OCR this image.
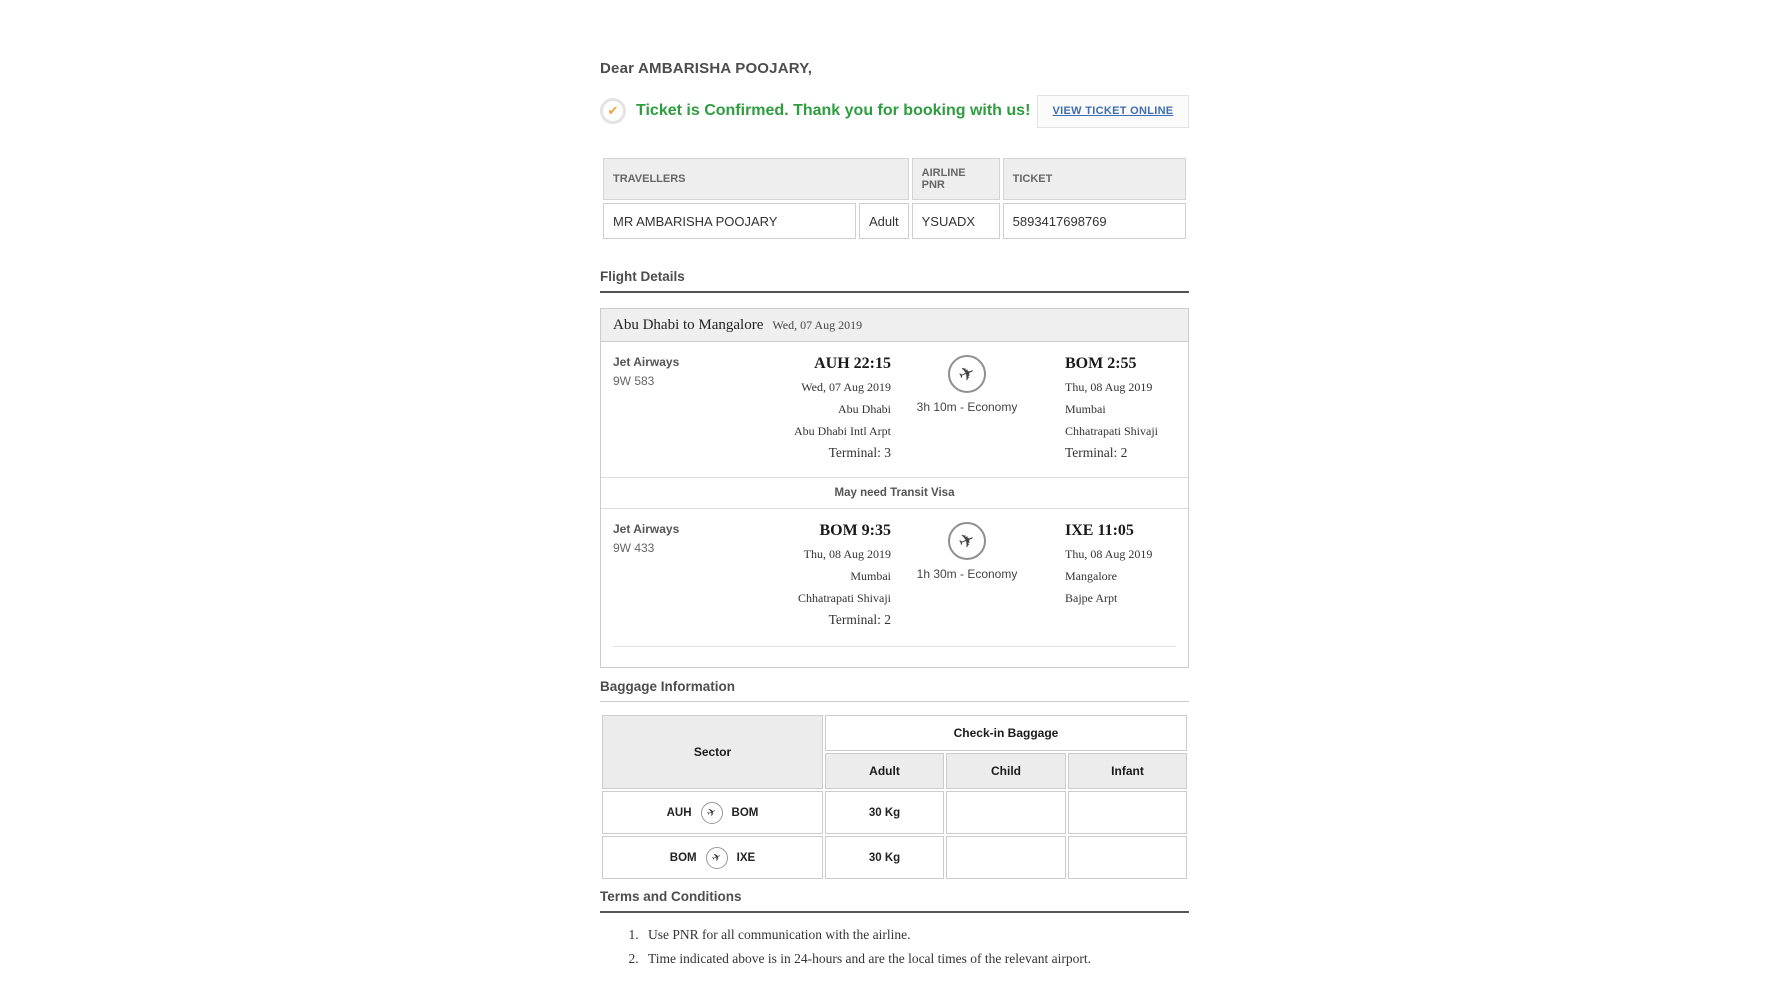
Dear AMBARISHA POOJARY,
✔ Ticket is Confirmed. Thank you for booking with us!	VIEW TICKET ONLINE
TRAVELLERS		AIRLINE PNR	TICKET
MR AMBARISHA POOJARY	Adult	YSUADX	5893417698769
Flight Details
Abu Dhabi to Mangalore Wed, 07 Aug 2019
Jet Airways
9W 583
AUH 22:15
Wed, 07 Aug 2019
Abu Dhabi
Abu Dhabi Intl Arpt
Terminal: 3
✈
3h 10m - Economy
BOM 2:55
Thu, 08 Aug 2019
Mumbai
Chhatrapati Shivaji
Terminal: 2
May need Transit Visa
Jet Airways
9W 433
BOM 9:35
Thu, 08 Aug 2019
Mumbai
Chhatrapati Shivaji
Terminal: 2
✈
1h 30m - Economy
IXE 11:05
Thu, 08 Aug 2019
Mangalore
Bajpe Arpt
Baggage Information
Sector	Check-in Baggage		
	Adult	Child	Infant

AUH ✈ BOM	30 Kg		

BOM ✈ IXE	30 Kg		
Terms and Conditions
1. Use PNR for all communication with the airline.
2. Time indicated above is in 24-hours and are the local times of the relevant airport.
